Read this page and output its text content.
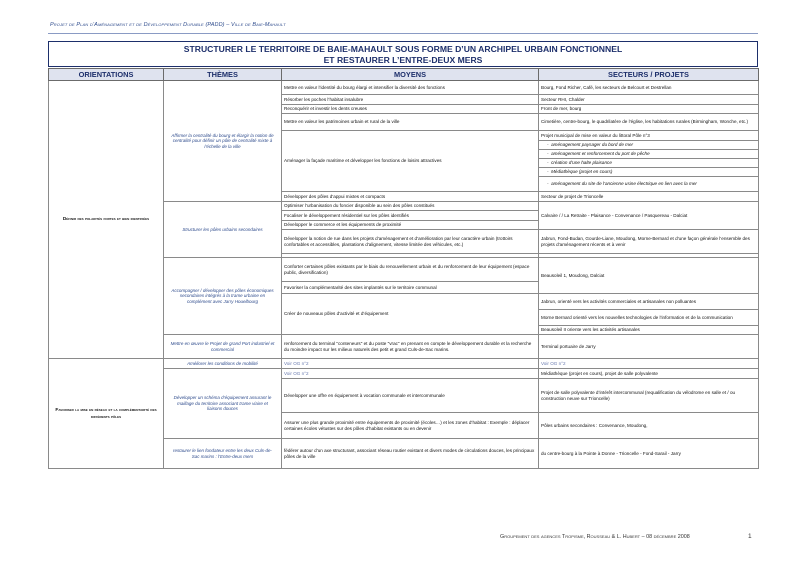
Projet de Plan d’Aménagement et de Développement Durable (PADD) – Ville de Baie-Mahault
STRUCTURER LE TERRITOIRE DE BAIE-MAHAULT SOUS FORME D’UN ARCHIPEL URBAIN FONCTIONNEL
ET RESTAURER L’ENTRE-DEUX MERS
ORIENTATIONS	THÈMES	MOYENS	SECTEURS / PROJETS
Définir des polarités fortes et bien identifiées	Affirmer la centralité du bourg et élargir la notion de centralité pour définir un pôle de centralité mixte à l’échelle de la ville	Mettre en valeur l’identité du bourg élargi et intensifier la diversité des fonctions	Bourg, Fond Richer, Café, les secteurs de Belcourt et Destrellan
		Résorber les poches l’habitat insalubre	Secteur RHI, Chalder
		Reconquérir et investir les dents creuses	Front de mer, bourg
		Mettre en valeur les patrimoines urbain et rural de la ville	Cimetière, centre-bourg, le quadrilatère de l’église, les habitations rurales (Birmingham, Wonche, etc.)
		Aménager la façade maritime et développer les fonctions de loisirs attractives	Projet municipal de mise en valeur du littoral Pôle n°3
			-  aménagement paysager du bord de mer
			-  aménagement et renforcement du port de pêche
			-  création d’une halte plaisance
			-  Médiathèque (projet en cours)
			-  aménagement du site de l’ancienne usine électrique en lien avec la mer
		Développer des pôles d’appui mixtes et compacts	Secteur de projet de Trioncelle
	Structurer les pôles urbains secondaires	Optimiser l’urbanisation du foncier disponible au sein des pôles constitués	Calvaire / / La Retraite - Plaisance - Convenance / Pasquereau - Dalciat
		Focaliser le développement résidentiel sur les pôles identifiés	
		Développer le commerce et les équipements de proximité	
		Développer la notion de rue dans les projets d’aménagement et d’amélioration par leur caractère urbain (trottoirs confortables et accessibles, plantations d’alignement, vitesse limitée des véhicules, etc.)	Jabrun, Fond-Budan, Gourde-Liane, Moudong, Morne-Bernard et d’une façon générale l’ensemble des projets d’aménagement récents et à venir

	Accompagner / développer des pôles économiques secondaires intégrés à la trame urbaine en complément avec Jarry Houelbourg	Conforter certaines pôles existants par le biais du renouvellement urbain et du renforcement de leur équipement (espace public, diversification)	Beausoleil 1, Moudong, Dalciat
		Favoriser la complémentarité des sites implantés sur le territoire communal	
		Créer de nouveaux pôles d’activité et d’équipement	Jabrun, orienté vers les activités commerciales et artisanales non polluantes
			Morne Bernard orienté vers les nouvelles technologies de l’information et de la communication
			Beausoleil II oriente vers les activités artisanales
	Mettre en œuvre le Projet de grand Port industriel et commercial	renforcement du terminal "conteneurs" et du poste "vrac" en prenant en compte le développement durable et la recherche du moindre impact sur les milieux naturels des petit et grand Culs-de-Sac marins.	Terminal portuaire de Jarry
Favoriser la mise en réseau et la complémentarité des différents pôles	Améliorer les conditions de mobilité	Voir OG n°2	Voir OG n°2
	Développer un schéma d’équipement assurant le maillage du territoire associant trame viaire et liaisons douces	Voir OG n°2	Médiathèque (projet en cours), projet de salle polyvalente
		Développer une offre en équipement à vocation communale et intercommunale	Projet de salle polyvalente d’intérêt intercommunal (requalification du vélodrome en salle et / ou construction neuve sur Trioncelle)
		Assurer une plus grande proximité entre équipements de proximité (écoles…) et les zones d’habitat : Exemple : déplacer certaines écoles vétustes sur des pôles d’habitat existants ou en devenir	Pôles urbains secondaires : Convenance, Moudong,
	restaurer le lien fondateur entre les deux Culs-de-Sac marins : l’Entre-deux mers	fédérer autour d’un axe structurant, associant réseau routier existant et divers modes de circulations douces, les principaux pôles de la ville	du centre-bourg à la Pointe à Donne - Trioncelle - Fond-Sarail - Jarry
Groupement des agences Tropisme, Rousseau & L. Hubert – 08 décembre 2008	1
